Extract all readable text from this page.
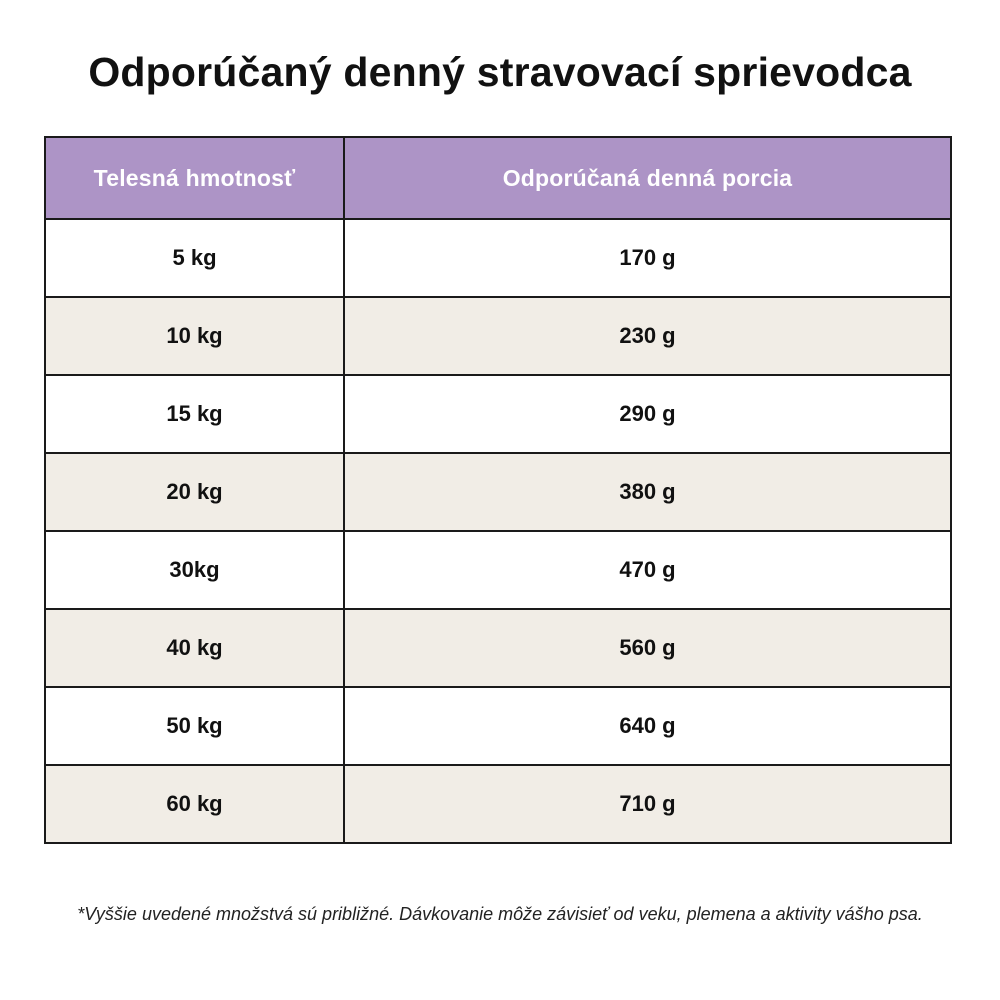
Odporúčaný denný stravovací sprievodca
Telesná hmotnosť	Odporúčaná denná porcia
5 kg	170 g
10 kg	230 g
15 kg	290 g
20 kg	380 g
30kg	470 g
40 kg	560 g
50 kg	640 g
60 kg	710 g

*Vyššie uvedené množstvá sú približné. Dávkovanie môže závisieť od veku, plemena a aktivity vášho psa.
